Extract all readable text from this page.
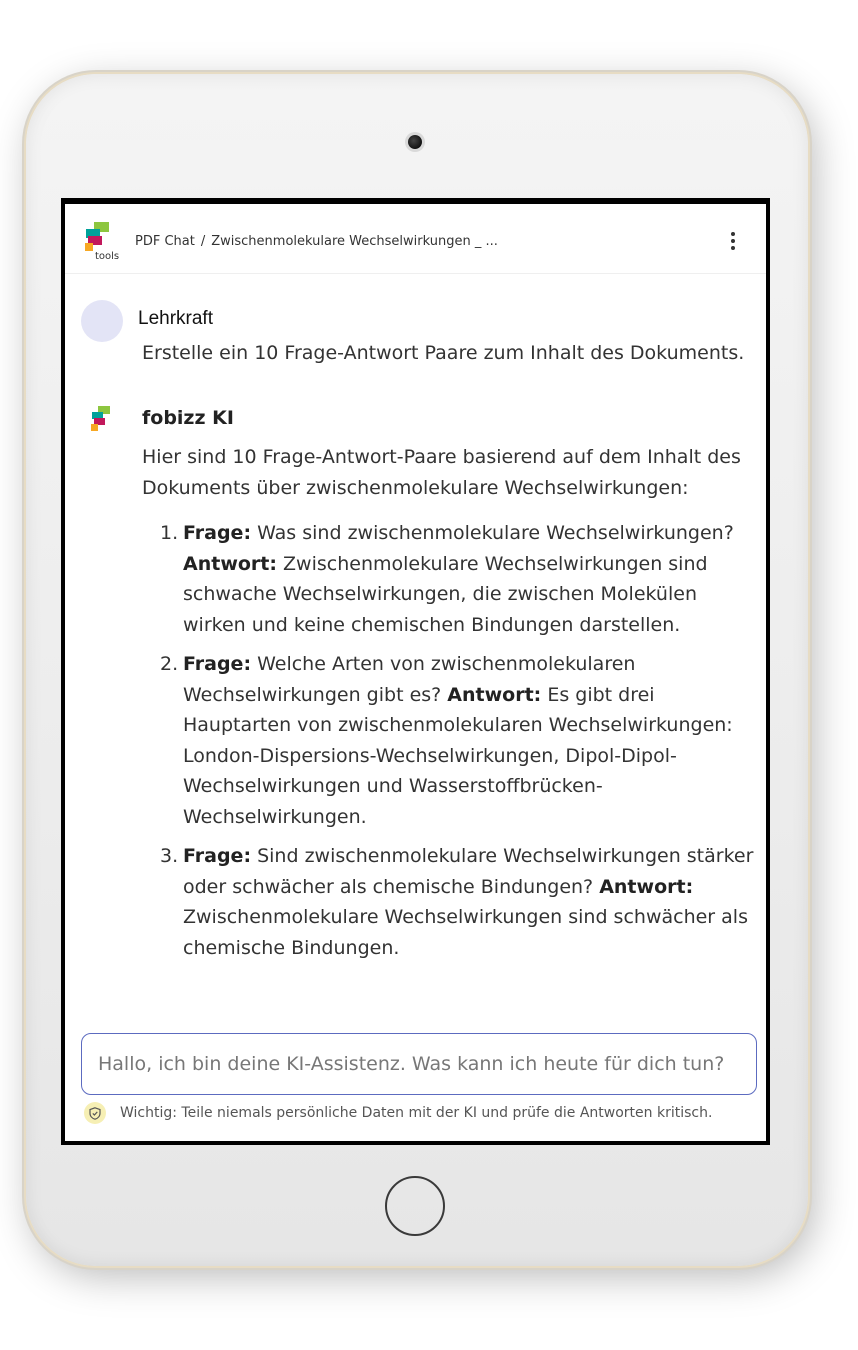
tools
PDF Chat / Zwischenmolekulare Wechselwirkungen _ ...
Lehrkraft
Erstelle ein 10 Frage-Antwort Paare zum Inhalt des Dokuments.
fobizz KI
Hier sind 10 Frage-Antwort-Paare basierend auf dem Inhalt des Dokuments über zwischenmolekulare Wechselwirkungen:
1. Frage: Was sind zwischenmolekulare Wechselwirkungen? Antwort: Zwischenmolekulare Wechselwirkungen sind schwache Wechselwirkungen, die zwischen Molekülen wirken und keine chemischen Bindungen darstellen.
2. Frage: Welche Arten von zwischenmolekularen Wechselwirkungen gibt es? Antwort: Es gibt drei Hauptarten von zwischenmolekularen Wechselwirkungen: London-Dispersions-Wechselwirkungen, Dipol-Dipol-Wechselwirkungen und Wasserstoffbrücken-Wechselwirkungen.
3. Frage: Sind zwischenmolekulare Wechselwirkungen stärker oder schwächer als chemische Bindungen? Antwort: Zwischenmolekulare Wechselwirkungen sind schwächer als chemische Bindungen.
Hallo, ich bin deine KI-Assistenz. Was kann ich heute für dich tun?
Wichtig: Teile niemals persönliche Daten mit der KI und prüfe die Antworten kritisch.
